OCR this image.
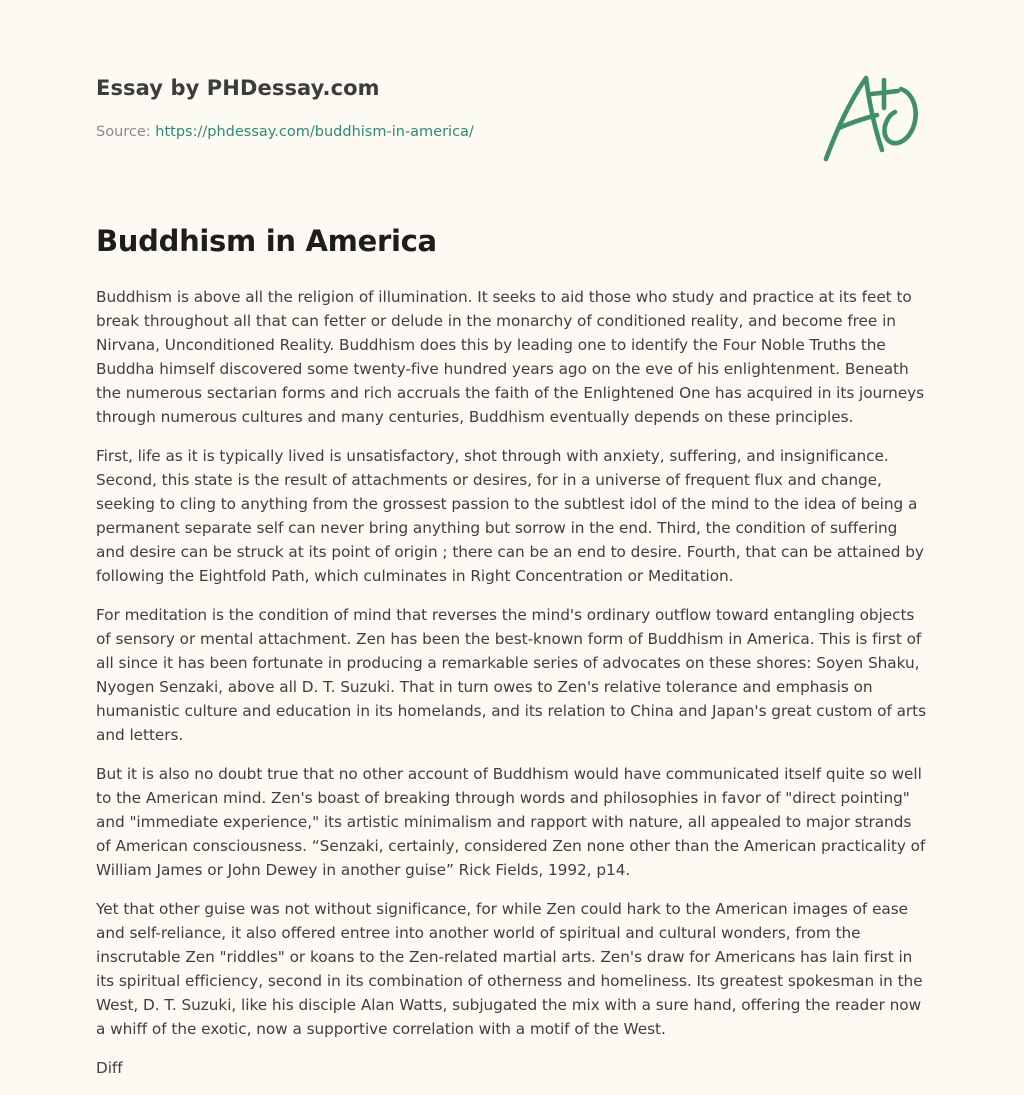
Essay by PHDessay.com

Source: https://phdessay.com/buddhism-in-america/

Buddhism in America

Buddhism is above all the religion of illumination. It seeks to aid those who study and practice at its feet to break throughout all that can fetter or delude in the monarchy of conditioned reality, and become free in Nirvana, Unconditioned Reality. Buddhism does this by leading one to identify the Four Noble Truths the Buddha himself discovered some twenty-five hundred years ago on the eve of his enlightenment. Beneath the numerous sectarian forms and rich accruals the faith of the Enlightened One has acquired in its journeys through numerous cultures and many centuries, Buddhism eventually depends on these principles.

First, life as it is typically lived is unsatisfactory, shot through with anxiety, suffering, and insignificance. Second, this state is the result of attachments or desires, for in a universe of frequent flux and change, seeking to cling to anything from the grossest passion to the subtlest idol of the mind to the idea of being a permanent separate self can never bring anything but sorrow in the end. Third, the condition of suffering and desire can be struck at its point of origin ; there can be an end to desire. Fourth, that can be attained by following the Eightfold Path, which culminates in Right Concentration or Meditation.

For meditation is the condition of mind that reverses the mind's ordinary outflow toward entangling objects of sensory or mental attachment. Zen has been the best-known form of Buddhism in America. This is first of all since it has been fortunate in producing a remarkable series of advocates on these shores: Soyen Shaku, Nyogen Senzaki, above all D. T. Suzuki. That in turn owes to Zen's relative tolerance and emphasis on humanistic culture and education in its homelands, and its relation to China and Japan's great custom of arts and letters.

But it is also no doubt true that no other account of Buddhism would have communicated itself quite so well to the American mind. Zen's boast of breaking through words and philosophies in favor of "direct pointing" and "immediate experience," its artistic minimalism and rapport with nature, all appealed to major strands of American consciousness. “Senzaki, certainly, considered Zen none other than the American practicality of William James or John Dewey in another guise” Rick Fields, 1992, p14.

Yet that other guise was not without significance, for while Zen could hark to the American images of ease and self-reliance, it also offered entree into another world of spiritual and cultural wonders, from the inscrutable Zen "riddles" or koans to the Zen-related martial arts. Zen's draw for Americans has lain first in its spiritual efficiency, second in its combination of otherness and homeliness. Its greatest spokesman in the West, D. T. Suzuki, like his disciple Alan Watts, subjugated the mix with a sure hand, offering the reader now a whiff of the exotic, now a supportive correlation with a motif of the West.

Diff
